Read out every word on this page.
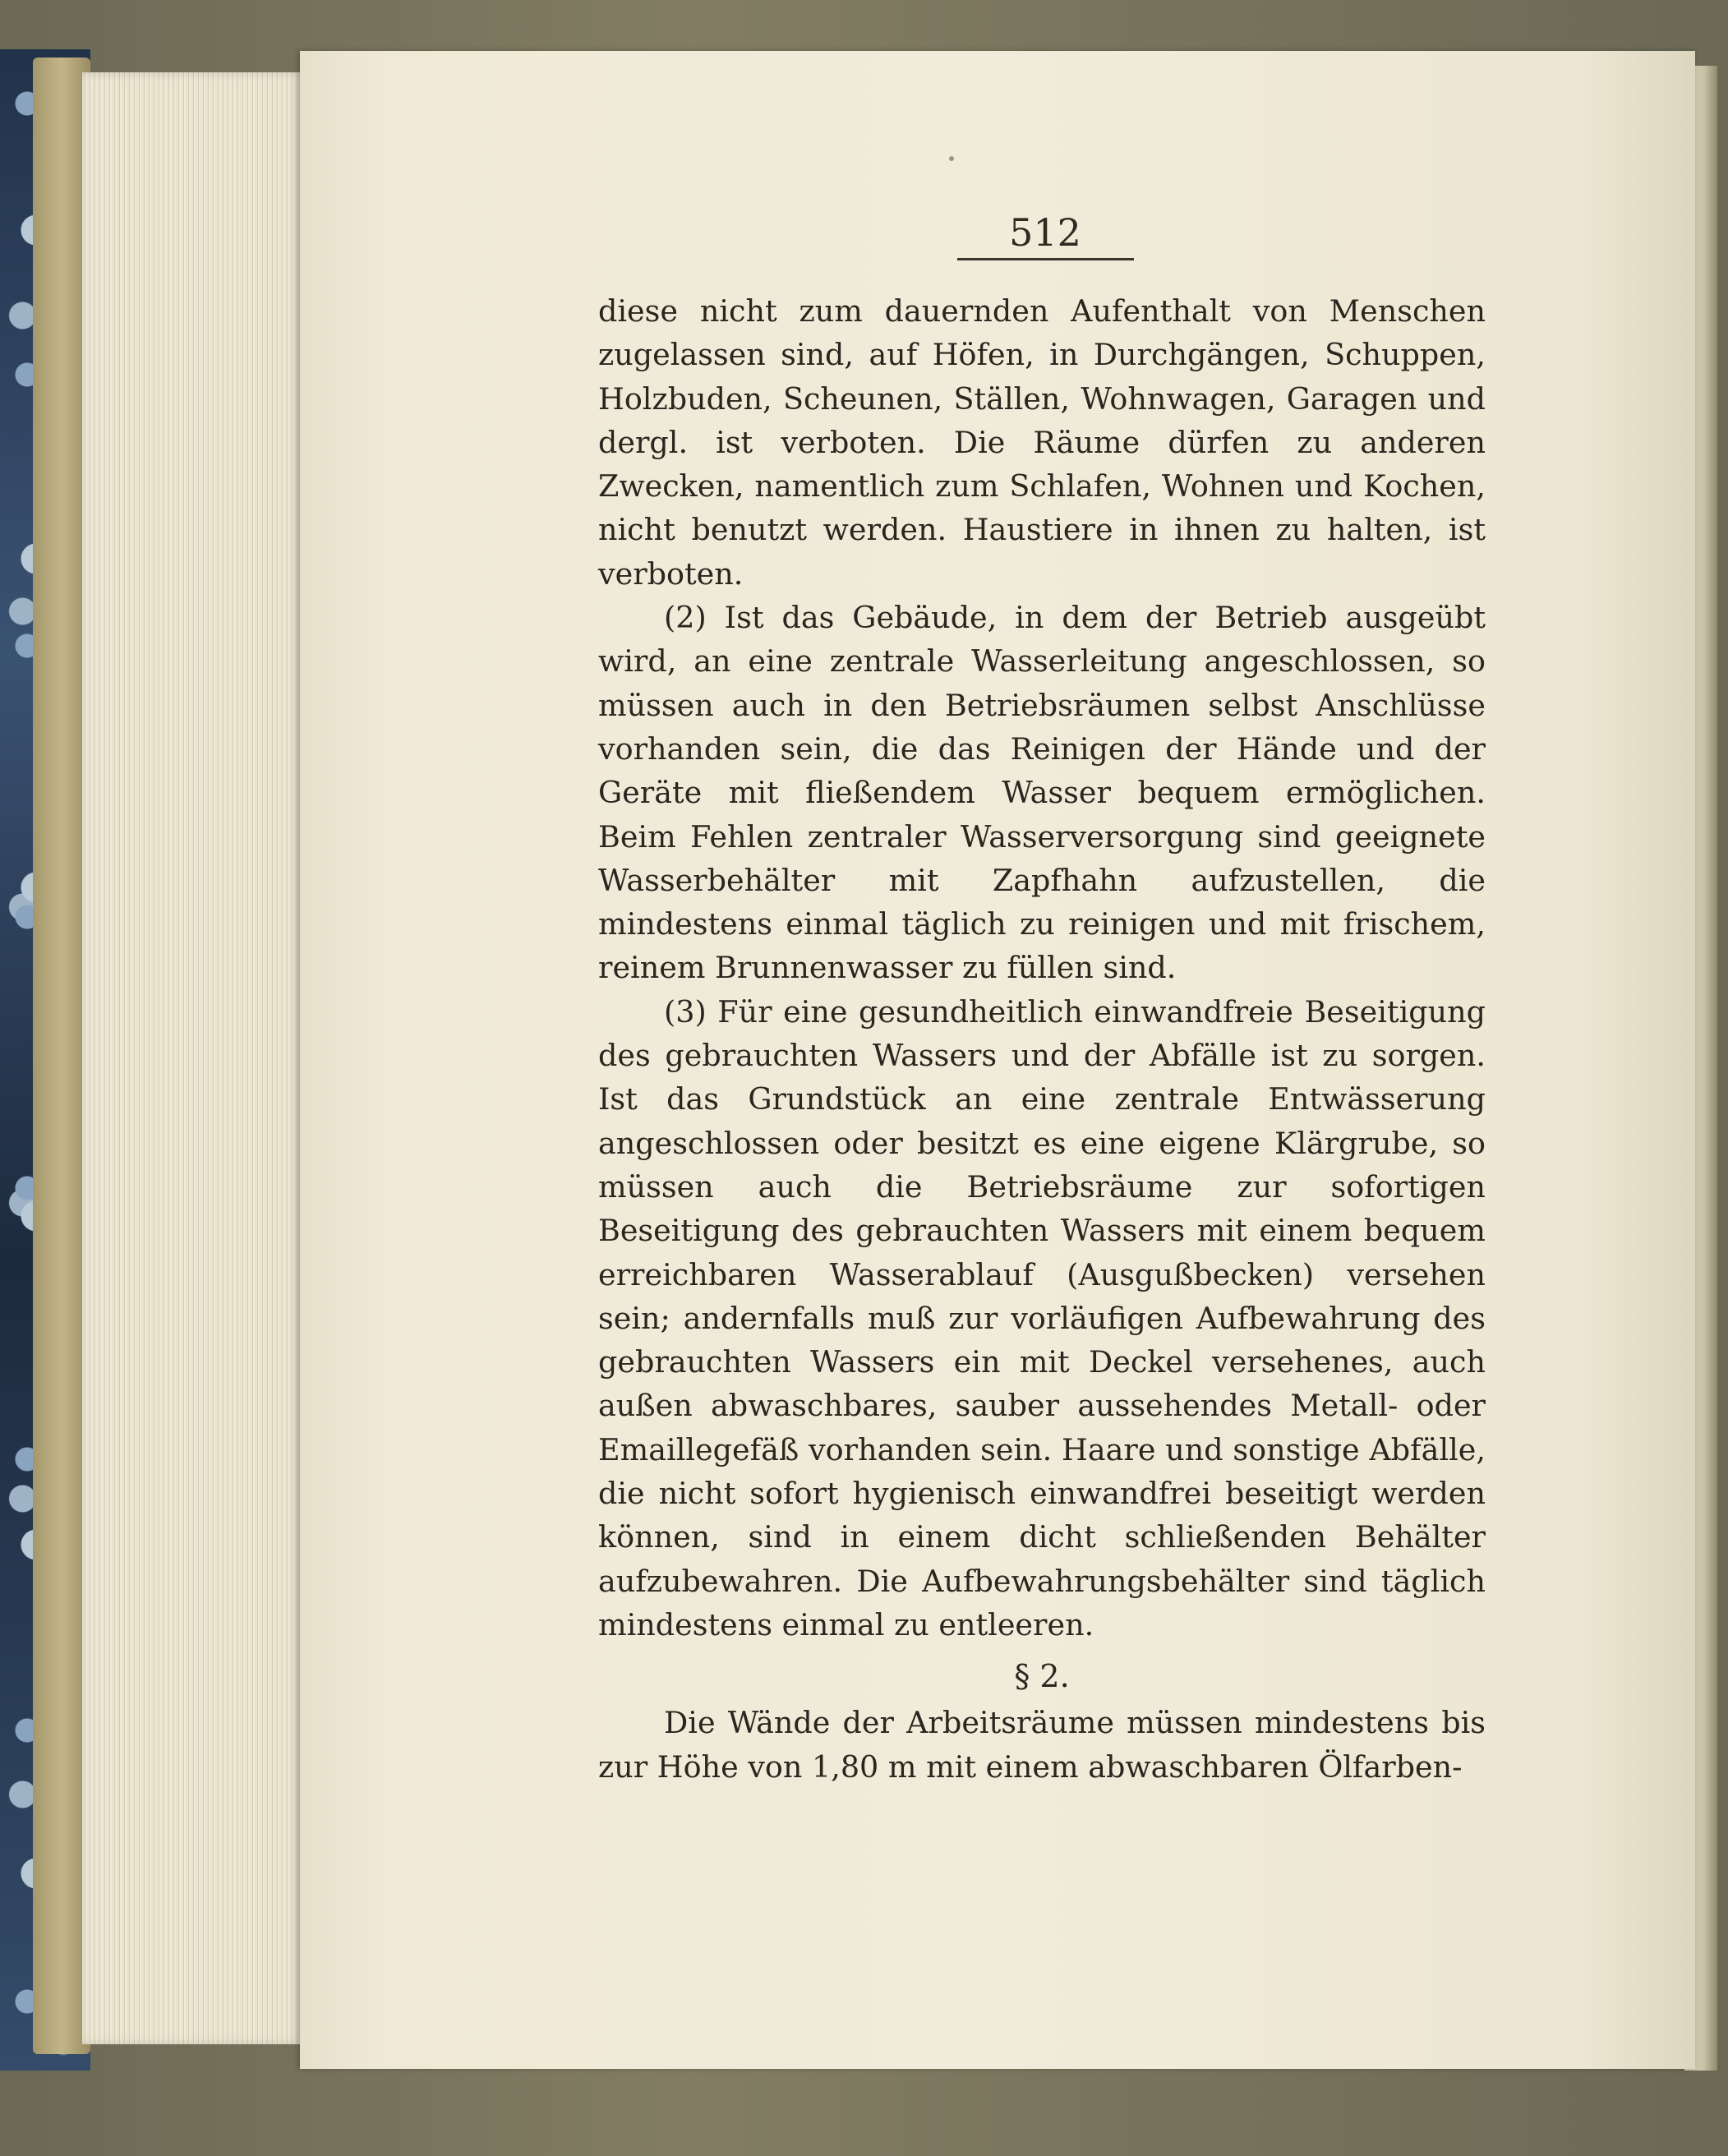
512

diese nicht zum dauernden Aufenthalt von Menschen zugelassen sind, auf Höfen, in Durchgängen, Schuppen, Holzbuden, Scheunen, Ställen, Wohnwagen, Garagen und dergl. ist verboten. Die Räume dürfen zu anderen Zwecken, namentlich zum Schlafen, Wohnen und Kochen, nicht benutzt werden. Haustiere in ihnen zu halten, ist verboten.

(2) Ist das Gebäude, in dem der Betrieb ausgeübt wird, an eine zentrale Wasserleitung angeschlossen, so müssen auch in den Betriebsräumen selbst Anschlüsse vorhanden sein, die das Reinigen der Hände und der Geräte mit fließendem Wasser bequem ermöglichen. Beim Fehlen zentraler Wasserversorgung sind geeignete Wasserbehälter mit Zapfhahn aufzustellen, die mindestens einmal täglich zu reinigen und mit frischem, reinem Brunnenwasser zu füllen sind.

(3) Für eine gesundheitlich einwandfreie Beseitigung des gebrauchten Wassers und der Abfälle ist zu sorgen. Ist das Grundstück an eine zentrale Entwässerung angeschlossen oder besitzt es eine eigene Klärgrube, so müssen auch die Betriebsräume zur sofortigen Beseitigung des gebrauchten Wassers mit einem bequem erreichbaren Wasserablauf (Ausgußbecken) versehen sein; andernfalls muß zur vorläufigen Aufbewahrung des gebrauchten Wassers ein mit Deckel versehenes, auch außen abwaschbares, sauber aussehendes Metall- oder Emaillegefäß vorhanden sein. Haare und sonstige Abfälle, die nicht sofort hygienisch einwandfrei beseitigt werden können, sind in einem dicht schließenden Behälter aufzubewahren. Die Aufbewahrungsbehälter sind täglich mindestens einmal zu entleeren.

§ 2.

Die Wände der Arbeitsräume müssen mindestens bis zur Höhe von 1,80 m mit einem abwaschbaren Ölfarben-
